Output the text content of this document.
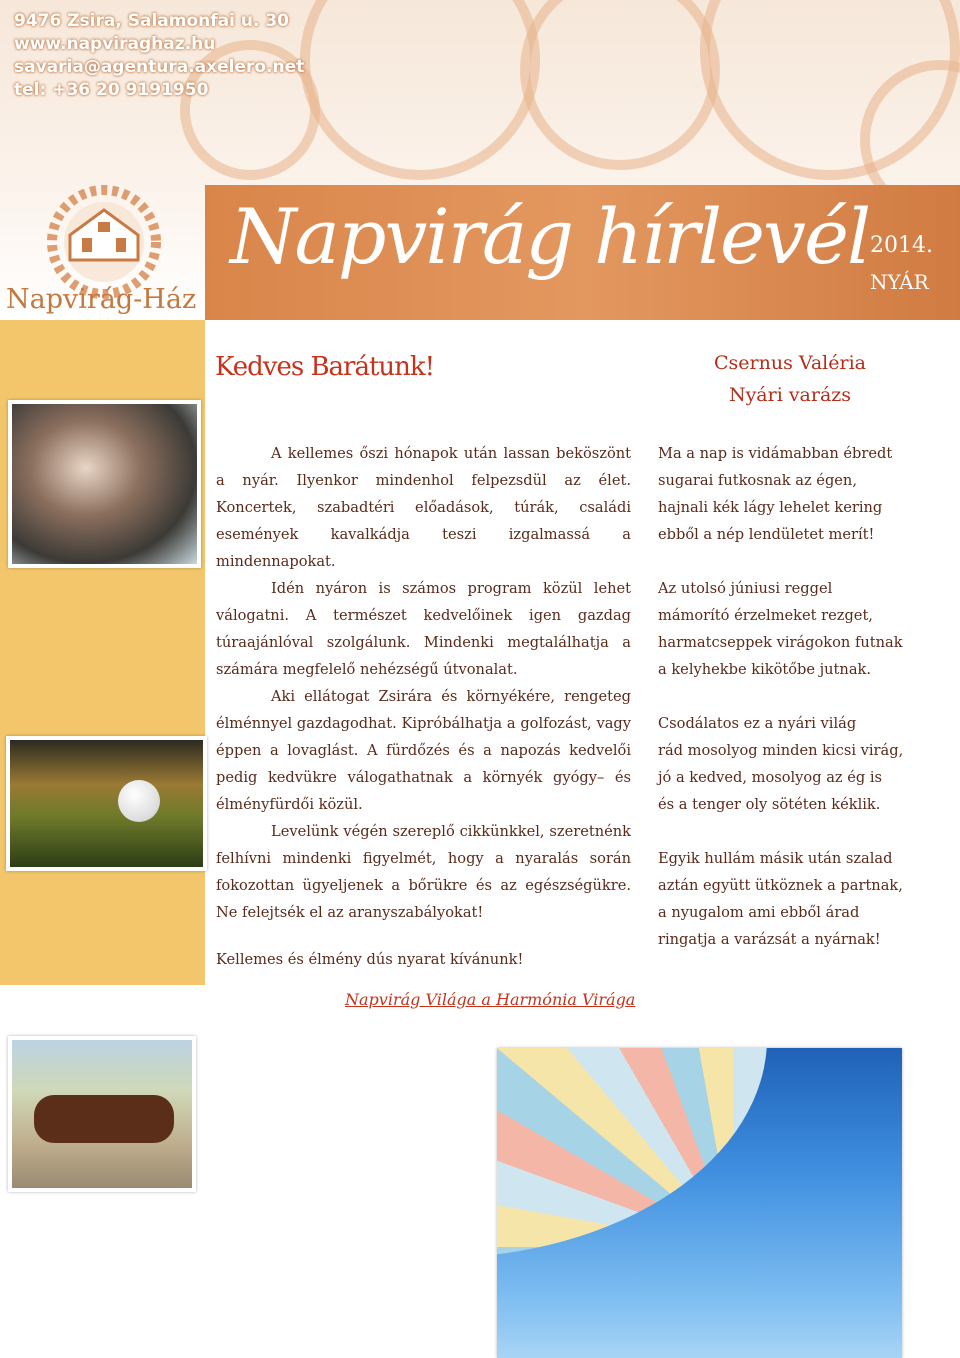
9476 Zsira, Salamonfai u. 30
www.napviraghaz.hu
savaria@agentura.axelero.net
tel: +36 20 9191950
Napvirág-Ház
Napvirág hírlevél 2014.
NYÁR
Kedves Barátunk!	Csernus Valéria
Nyári varázs

A kellemes őszi hónapok után lassan beköszönt a nyár. Ilyenkor mindenhol felpezsdül az élet. Koncertek, szabadtéri előadások, túrák, családi események kavalkádja teszi izgalmassá a mindennapokat.

Idén nyáron is számos program közül lehet válogatni. A természet kedvelőinek igen gazdag túraajánlóval szolgálunk. Mindenki megtalálhatja a számára megfelelő nehézségű útvonalat.

Aki ellátogat Zsirára és környékére, rengeteg élménnyel gazdagodhat. Kipróbálhatja a golfozást, vagy éppen a lovaglást. A fürdőzés és a napozás kedvelői pedig kedvükre válogathatnak a környék gyógy– és élményfürdői közül.

Levelünk végén szereplő cikkünkkel, szeretnénk felhívni mindenki figyelmét, hogy a nyaralás során fokozottan ügyeljenek a bőrükre és az egészségükre. Ne felejtsék el az aranyszabályokat!

Kellemes és élmény dús nyarat kívánunk!

Ma a nap is vidámabban ébredt
sugarai futkosnak az égen,
hajnali kék lágy lehelet kering
ebből a nép lendületet merít!
Az utolsó júniusi reggel
mámorító érzelmeket rezget,
harmatcseppek virágokon futnak
a kelyhekbe kikötőbe jutnak.
Csodálatos ez a nyári világ
rád mosolyog minden kicsi virág,
jó a kedved, mosolyog az ég is
és a tenger oly sötéten kéklik.
Egyik hullám másik után szalad
aztán együtt ütköznek a partnak,
a nyugalom ami ebből árad
ringatja a varázsát a nyárnak!
Napvirág Világa a Harmónia Virága
